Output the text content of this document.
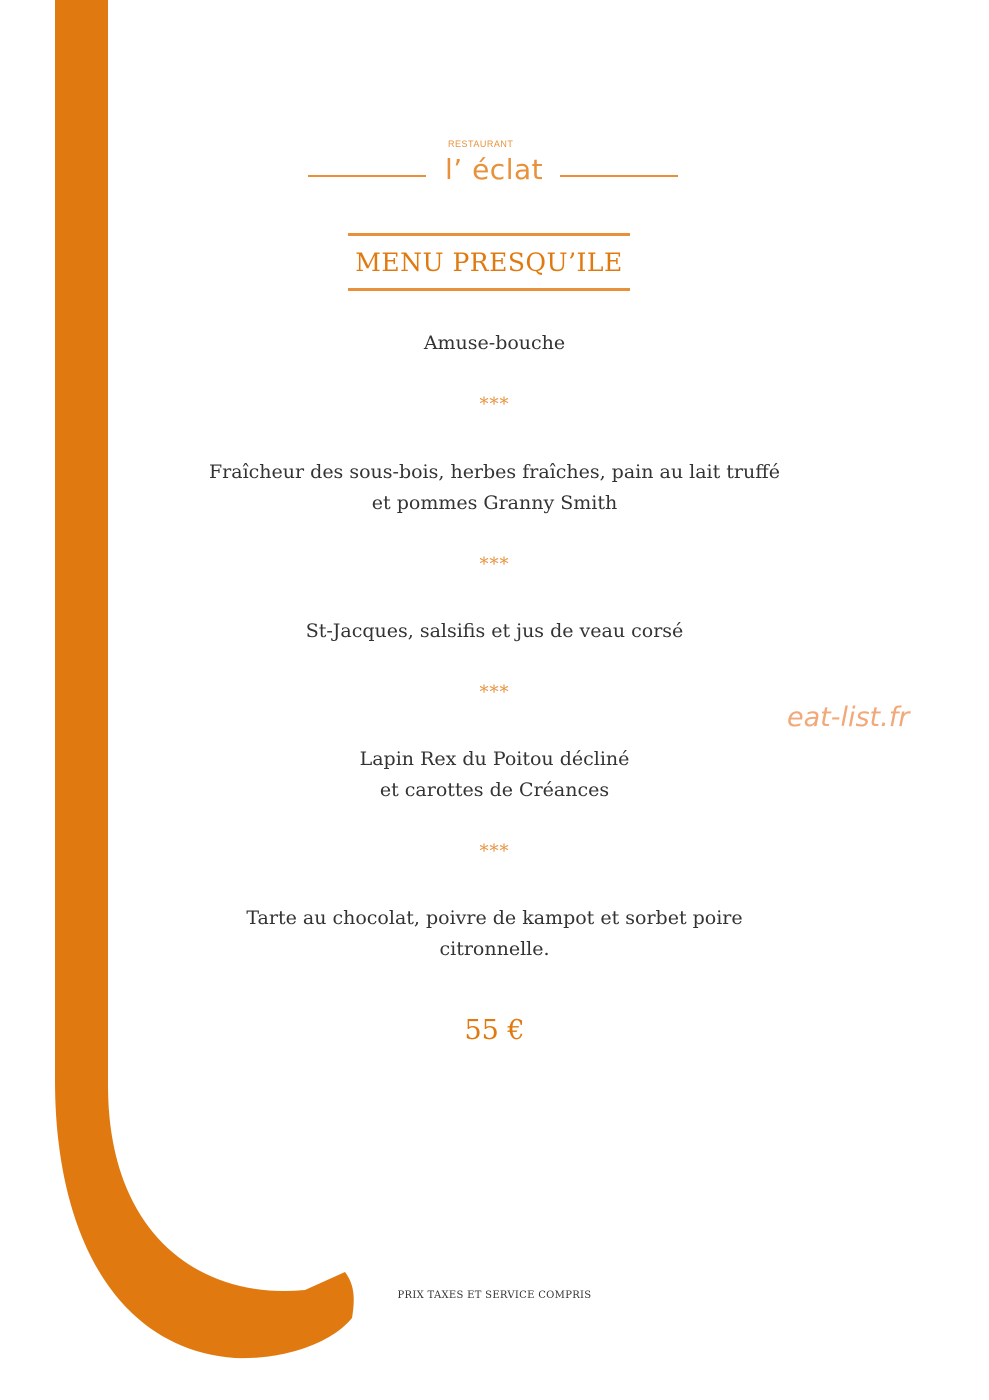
RESTAURANT
l’ éclat
MENU PRESQU’ILE
Amuse-bouche
***
Fraîcheur des sous-bois, herbes fraîches, pain au lait truffé
et pommes Granny Smith
***
St-Jacques, salsifis et jus de veau corsé
***
Lapin Rex du Poitou décliné
et carottes de Créances
***
Tarte au chocolat, poivre de kampot et sorbet poire
citronnelle.
55 €
eat-list.fr
PRIX TAXES ET SERVICE COMPRIS
